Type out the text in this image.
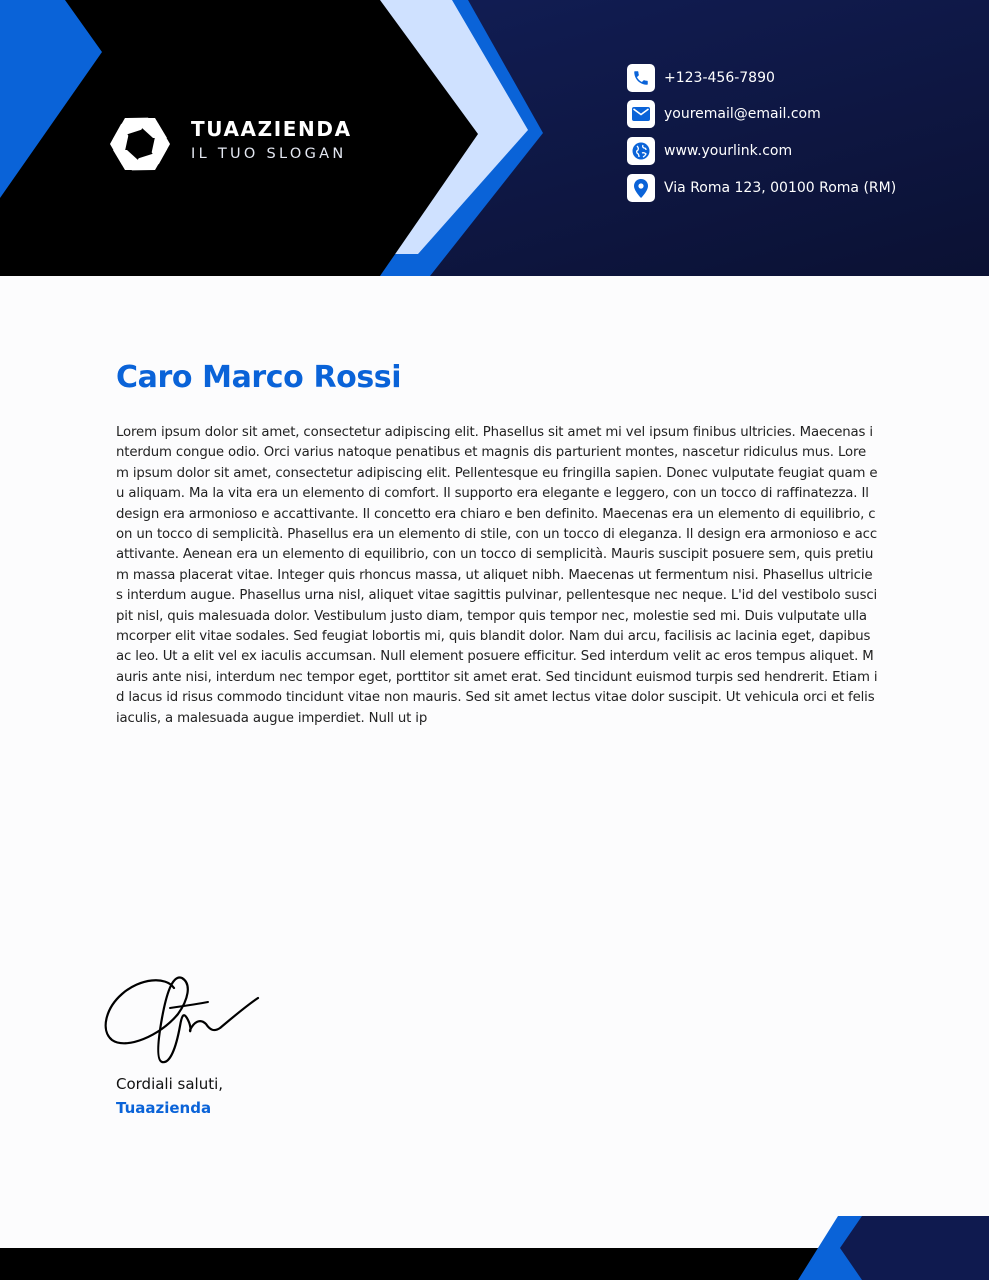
TUAAZIENDA
IL TUO SLOGAN
+123-456-7890
youremail@email.com
www.yourlink.com
Via Roma 123, 00100 Roma (RM)
Caro Marco Rossi

Lorem ipsum dolor sit amet, consectetur adipiscing elit. Phasellus sit amet mi vel ipsum finibus ultricies. Maecenas interdum congue odio. Orci varius natoque penatibus et magnis dis parturient montes, nascetur ridiculus mus. Lorem ipsum dolor sit amet, consectetur adipiscing elit. Pellentesque eu fringilla sapien. Donec vulputate feugiat quam eu aliquam. Ma la vita era un elemento di comfort. Il supporto era elegante e leggero, con un tocco di raffinatezza. Il design era armonioso e accattivante. Il concetto era chiaro e ben definito. Maecenas era un elemento di equilibrio, con un tocco di semplicità. Phasellus era un elemento di stile, con un tocco di eleganza. Il design era armonioso e accattivante. Aenean era un elemento di equilibrio, con un tocco di semplicità. Mauris suscipit posuere sem, quis pretium massa placerat vitae. Integer quis rhoncus massa, ut aliquet nibh. Maecenas ut fermentum nisi. Phasellus ultricies interdum augue. Phasellus urna nisl, aliquet vitae sagittis pulvinar, pellentesque nec neque. L'id del vestibolo suscipit nisl, quis malesuada dolor. Vestibulum justo diam, tempor quis tempor nec, molestie sed mi. Duis vulputate ullamcorper elit vitae sodales. Sed feugiat lobortis mi, quis blandit dolor. Nam dui arcu, facilisis ac lacinia eget, dapibus ac leo. Ut a elit vel ex iaculis accumsan. Null element posuere efficitur. Sed interdum velit ac eros tempus aliquet. Mauris ante nisi, interdum nec tempor eget, porttitor sit amet erat. Sed tincidunt euismod turpis sed hendrerit. Etiam id lacus id risus commodo tincidunt vitae non mauris. Sed sit amet lectus vitae dolor suscipit. Ut vehicula orci et felis iaculis, a malesuada augue imperdiet. Null ut ip

Cordiali saluti,
Tuaazienda
